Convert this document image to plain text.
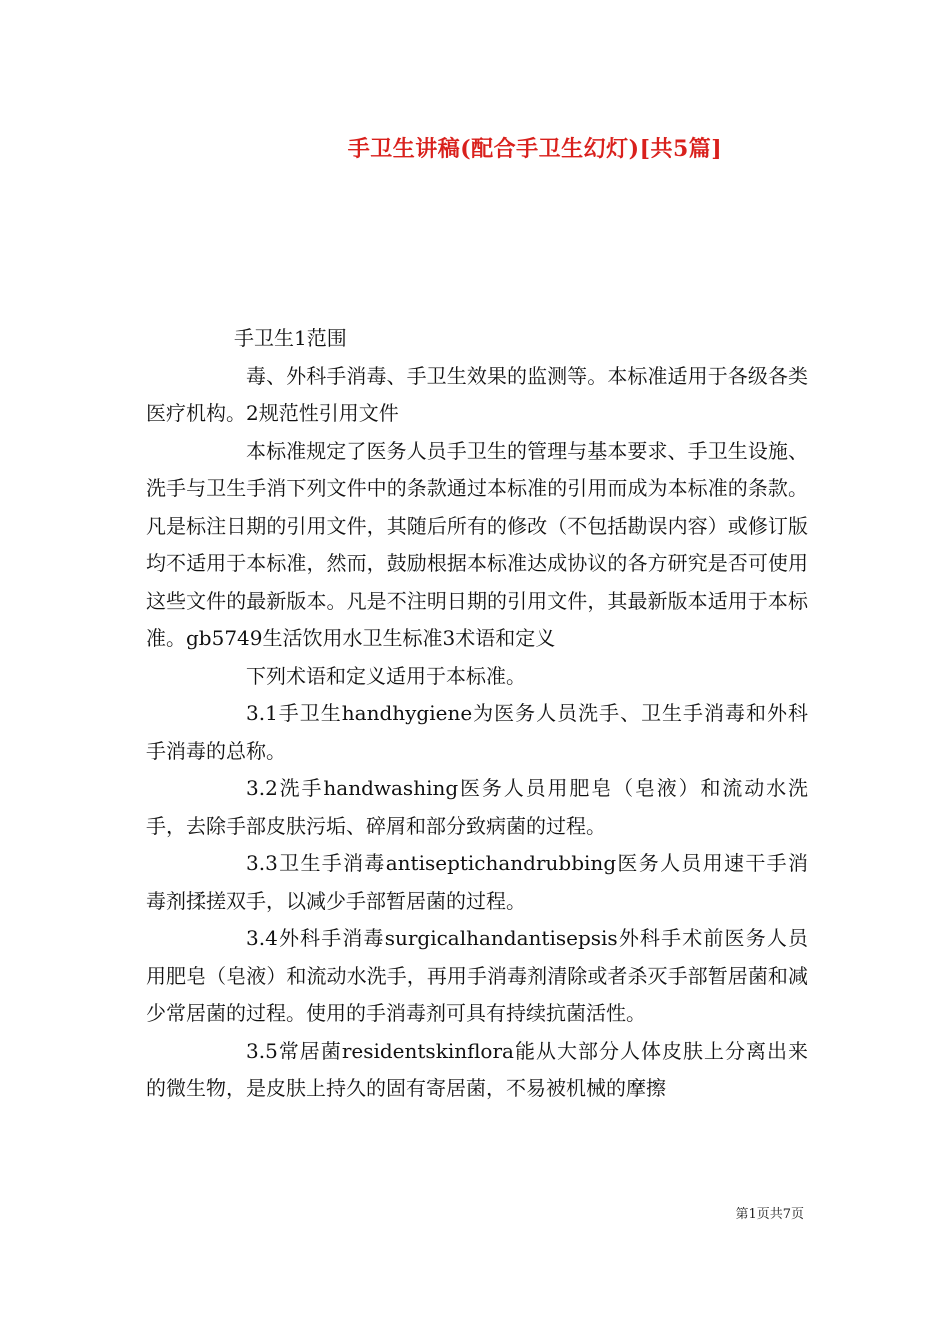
手卫生讲稿(配合手卫生幻灯)[共5篇]

手卫生1范围

毒、外科手消毒、手卫生效果的监测等。本标准适用于各级各类医疗机构。2规范性引用文件

本标准规定了医务人员手卫生的管理与基本要求、手卫生设施、洗手与卫生手消下列文件中的条款通过本标准的引用而成为本标准的条款。凡是标注日期的引用文件，其随后所有的修改（不包括勘误内容）或修订版均不适用于本标准，然而，鼓励根据本标准达成协议的各方研究是否可使用这些文件的最新版本。凡是不注明日期的引用文件，其最新版本适用于本标准。gb5749生活饮用水卫生标准3术语和定义

下列术语和定义适用于本标准。

3.1手卫生handhygiene为医务人员洗手、卫生手消毒和外科手消毒的总称。

3.2洗手handwashing医务人员用肥皂（皂液）和流动水洗手，去除手部皮肤污垢、碎屑和部分致病菌的过程。

3.3卫生手消毒antiseptichandrubbing医务人员用速干手消毒剂揉搓双手，以减少手部暂居菌的过程。

3.4外科手消毒surgicalhandantisepsis外科手术前医务人员用肥皂（皂液）和流动水洗手，再用手消毒剂清除或者杀灭手部暂居菌和减少常居菌的过程。使用的手消毒剂可具有持续抗菌活性。

3.5常居菌residentskinflora能从大部分人体皮肤上分离出来的微生物，是皮肤上持久的固有寄居菌，不易被机械的摩擦

第1页共7页
